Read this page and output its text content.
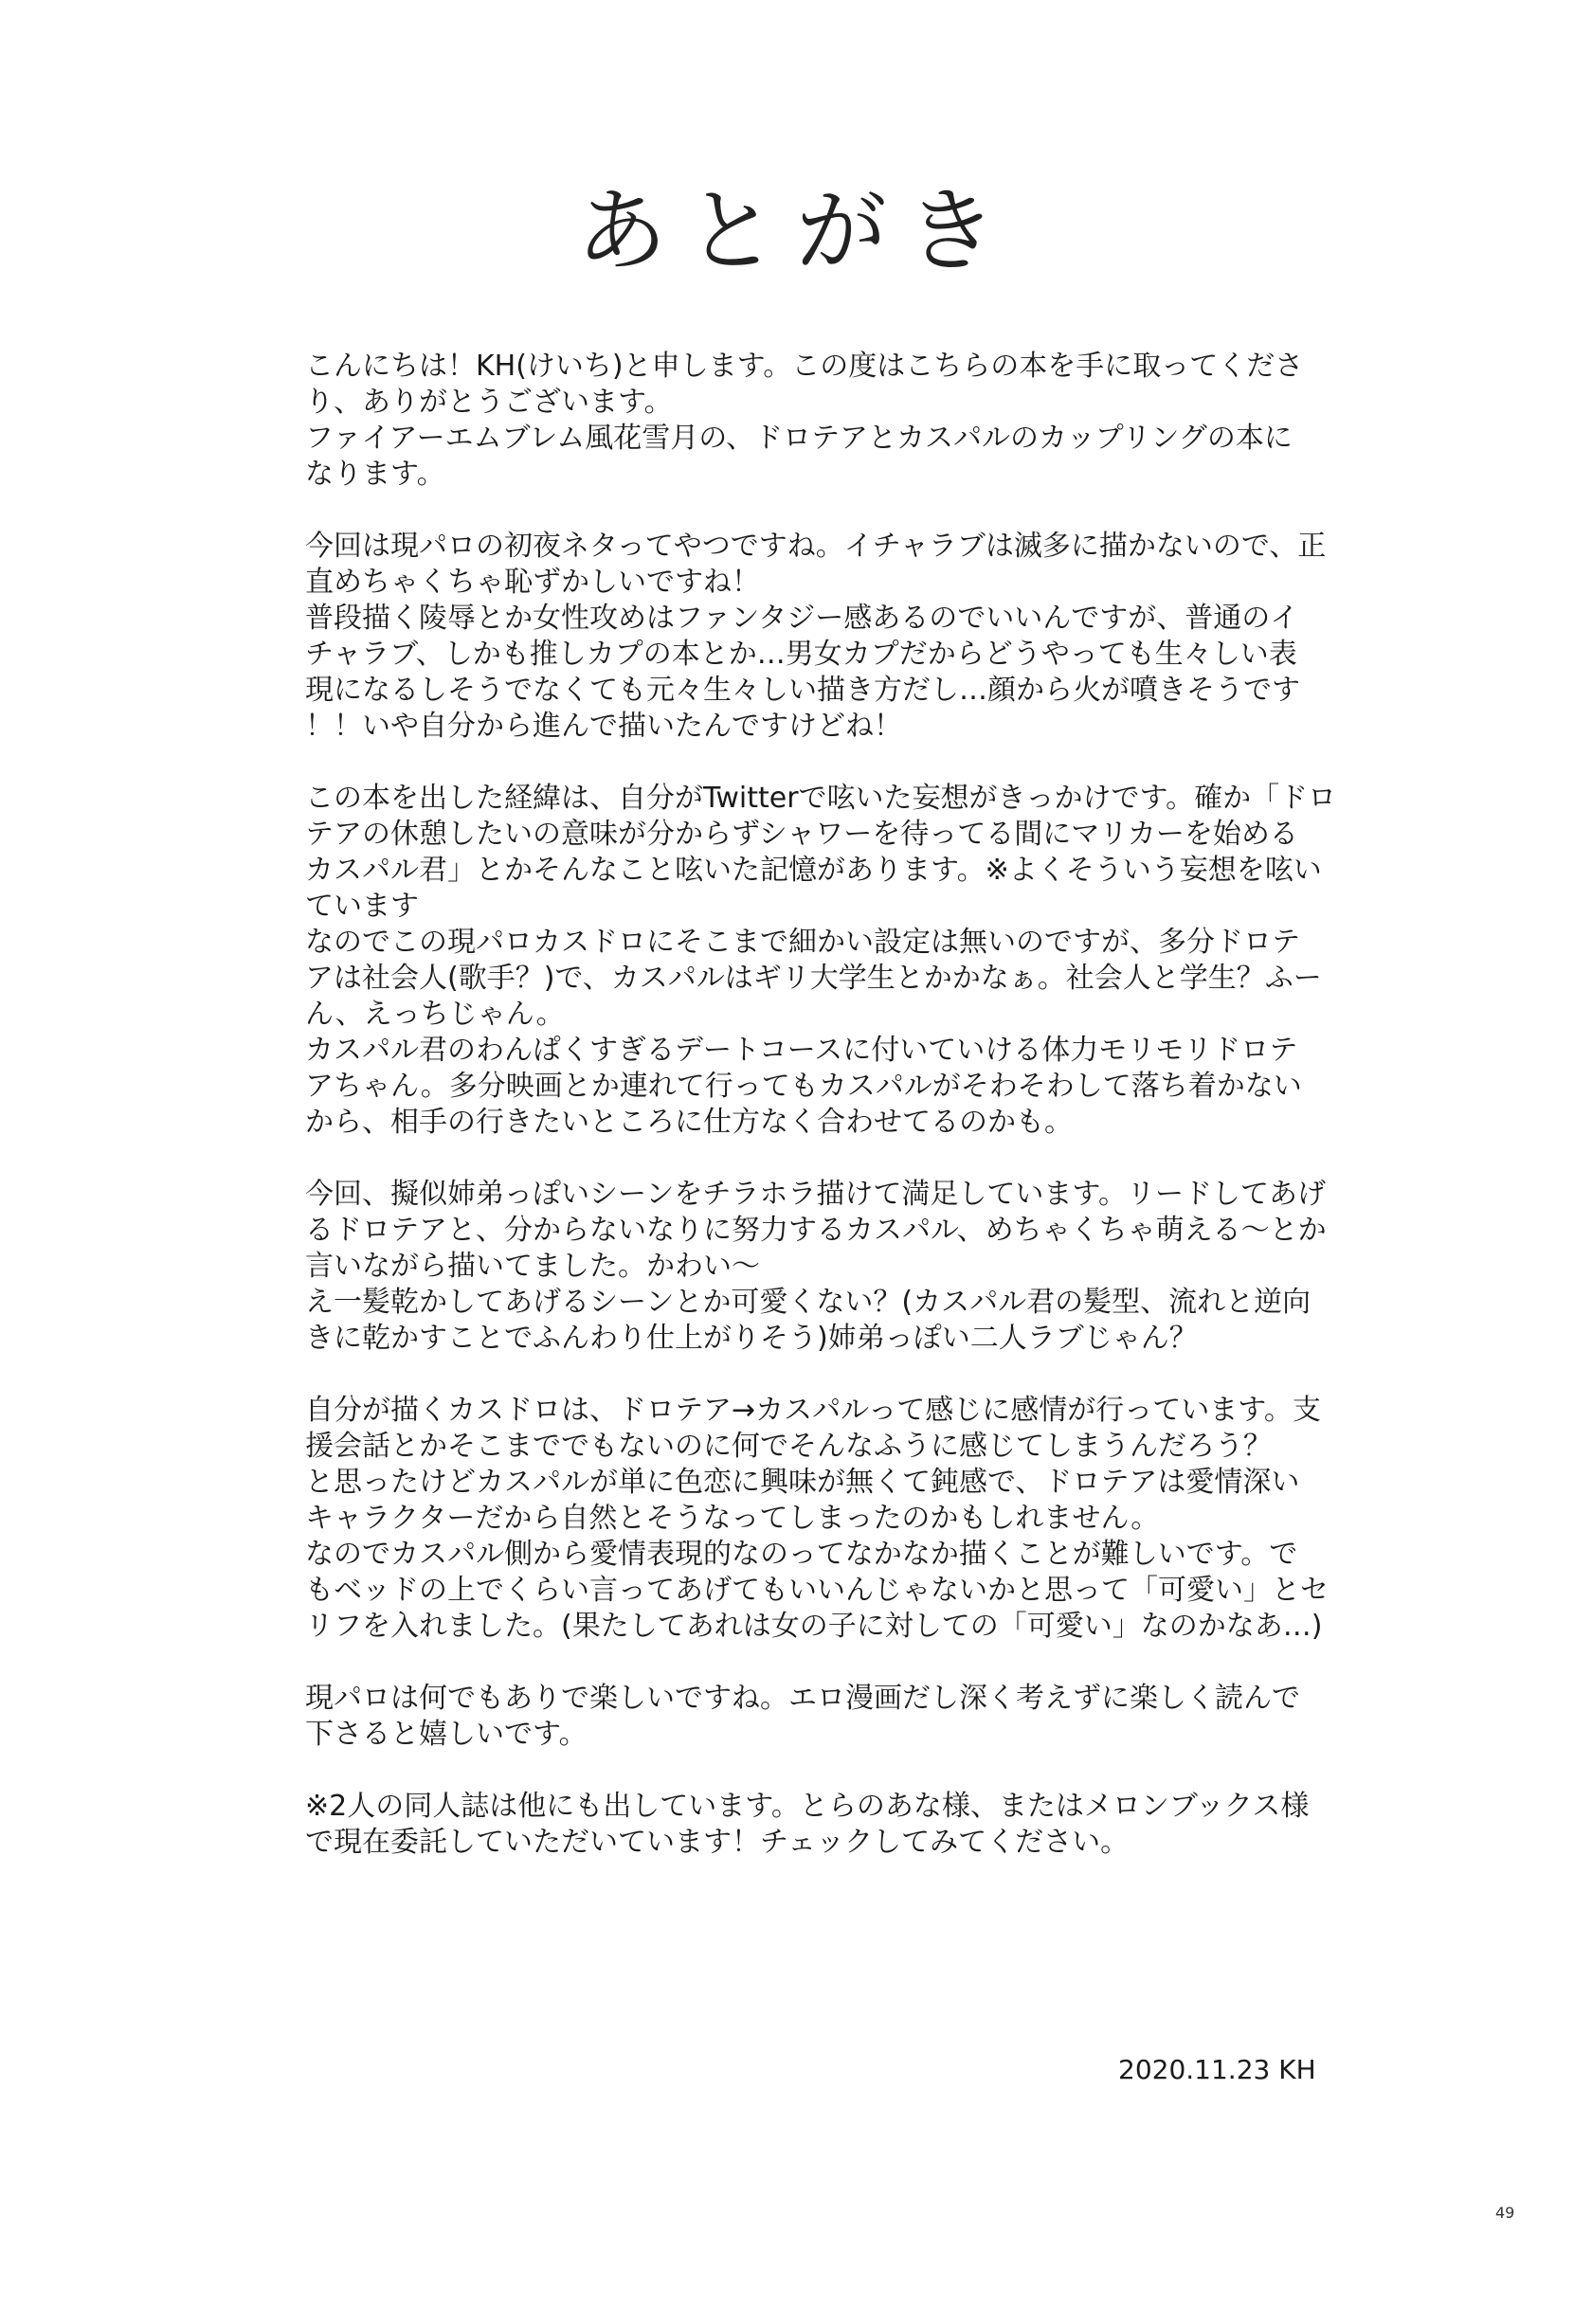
あとがき
こんにちは！KH(けいち)と申します。この度はこちらの本を手に取ってくださ
り、ありがとうございます。
ファイアーエムブレム風花雪月の、ドロテアとカスパルのカップリングの本に
なります。
今回は現パロの初夜ネタってやつですね。イチャラブは滅多に描かないので、正
直めちゃくちゃ恥ずかしいですね！
普段描く陵辱とか女性攻めはファンタジー感あるのでいいんですが、普通のイ
チャラブ、しかも推しカプの本とか…男女カプだからどうやっても生々しい表
現になるしそうでなくても元々生々しい描き方だし…顔から火が噴きそうです
！！いや自分から進んで描いたんですけどね！
この本を出した経緯は、自分がTwitterで呟いた妄想がきっかけです。確か「ドロ
テアの休憩したいの意味が分からずシャワーを待ってる間にマリカーを始める
カスパル君」とかそんなこと呟いた記憶があります。※よくそういう妄想を呟い
ています
なのでこの現パロカスドロにそこまで細かい設定は無いのですが、多分ドロテ
アは社会人(歌手？)で、カスパルはギリ大学生とかかなぁ。社会人と学生？ふー
ん、えっちじゃん。
カスパル君のわんぱくすぎるデートコースに付いていける体力モリモリドロテ
アちゃん。多分映画とか連れて行ってもカスパルがそわそわして落ち着かない
から、相手の行きたいところに仕方なく合わせてるのかも。
今回、擬似姉弟っぽいシーンをチラホラ描けて満足しています。リードしてあげ
るドロテアと、分からないなりに努力するカスパル、めちゃくちゃ萌える～とか
言いながら描いてました。かわい～
え一髪乾かしてあげるシーンとか可愛くない？(カスパル君の髪型、流れと逆向
きに乾かすことでふんわり仕上がりそう)姉弟っぽい二人ラブじゃん？
自分が描くカスドロは、ドロテア→カスパルって感じに感情が行っています。支
援会話とかそこまででもないのに何でそんなふうに感じてしまうんだろう？
と思ったけどカスパルが単に色恋に興味が無くて鈍感で、ドロテアは愛情深い
キャラクターだから自然とそうなってしまったのかもしれません。
なのでカスパル側から愛情表現的なのってなかなか描くことが難しいです。で
もベッドの上でくらい言ってあげてもいいんじゃないかと思って「可愛い」とセ
リフを入れました。(果たしてあれは女の子に対しての「可愛い」なのかなあ…)
現パロは何でもありで楽しいですね。エロ漫画だし深く考えずに楽しく読んで
下さると嬉しいです。
※2人の同人誌は他にも出しています。とらのあな様、またはメロンブックス様
で現在委託していただいています！チェックしてみてください。
2020.11.23 KH
49
